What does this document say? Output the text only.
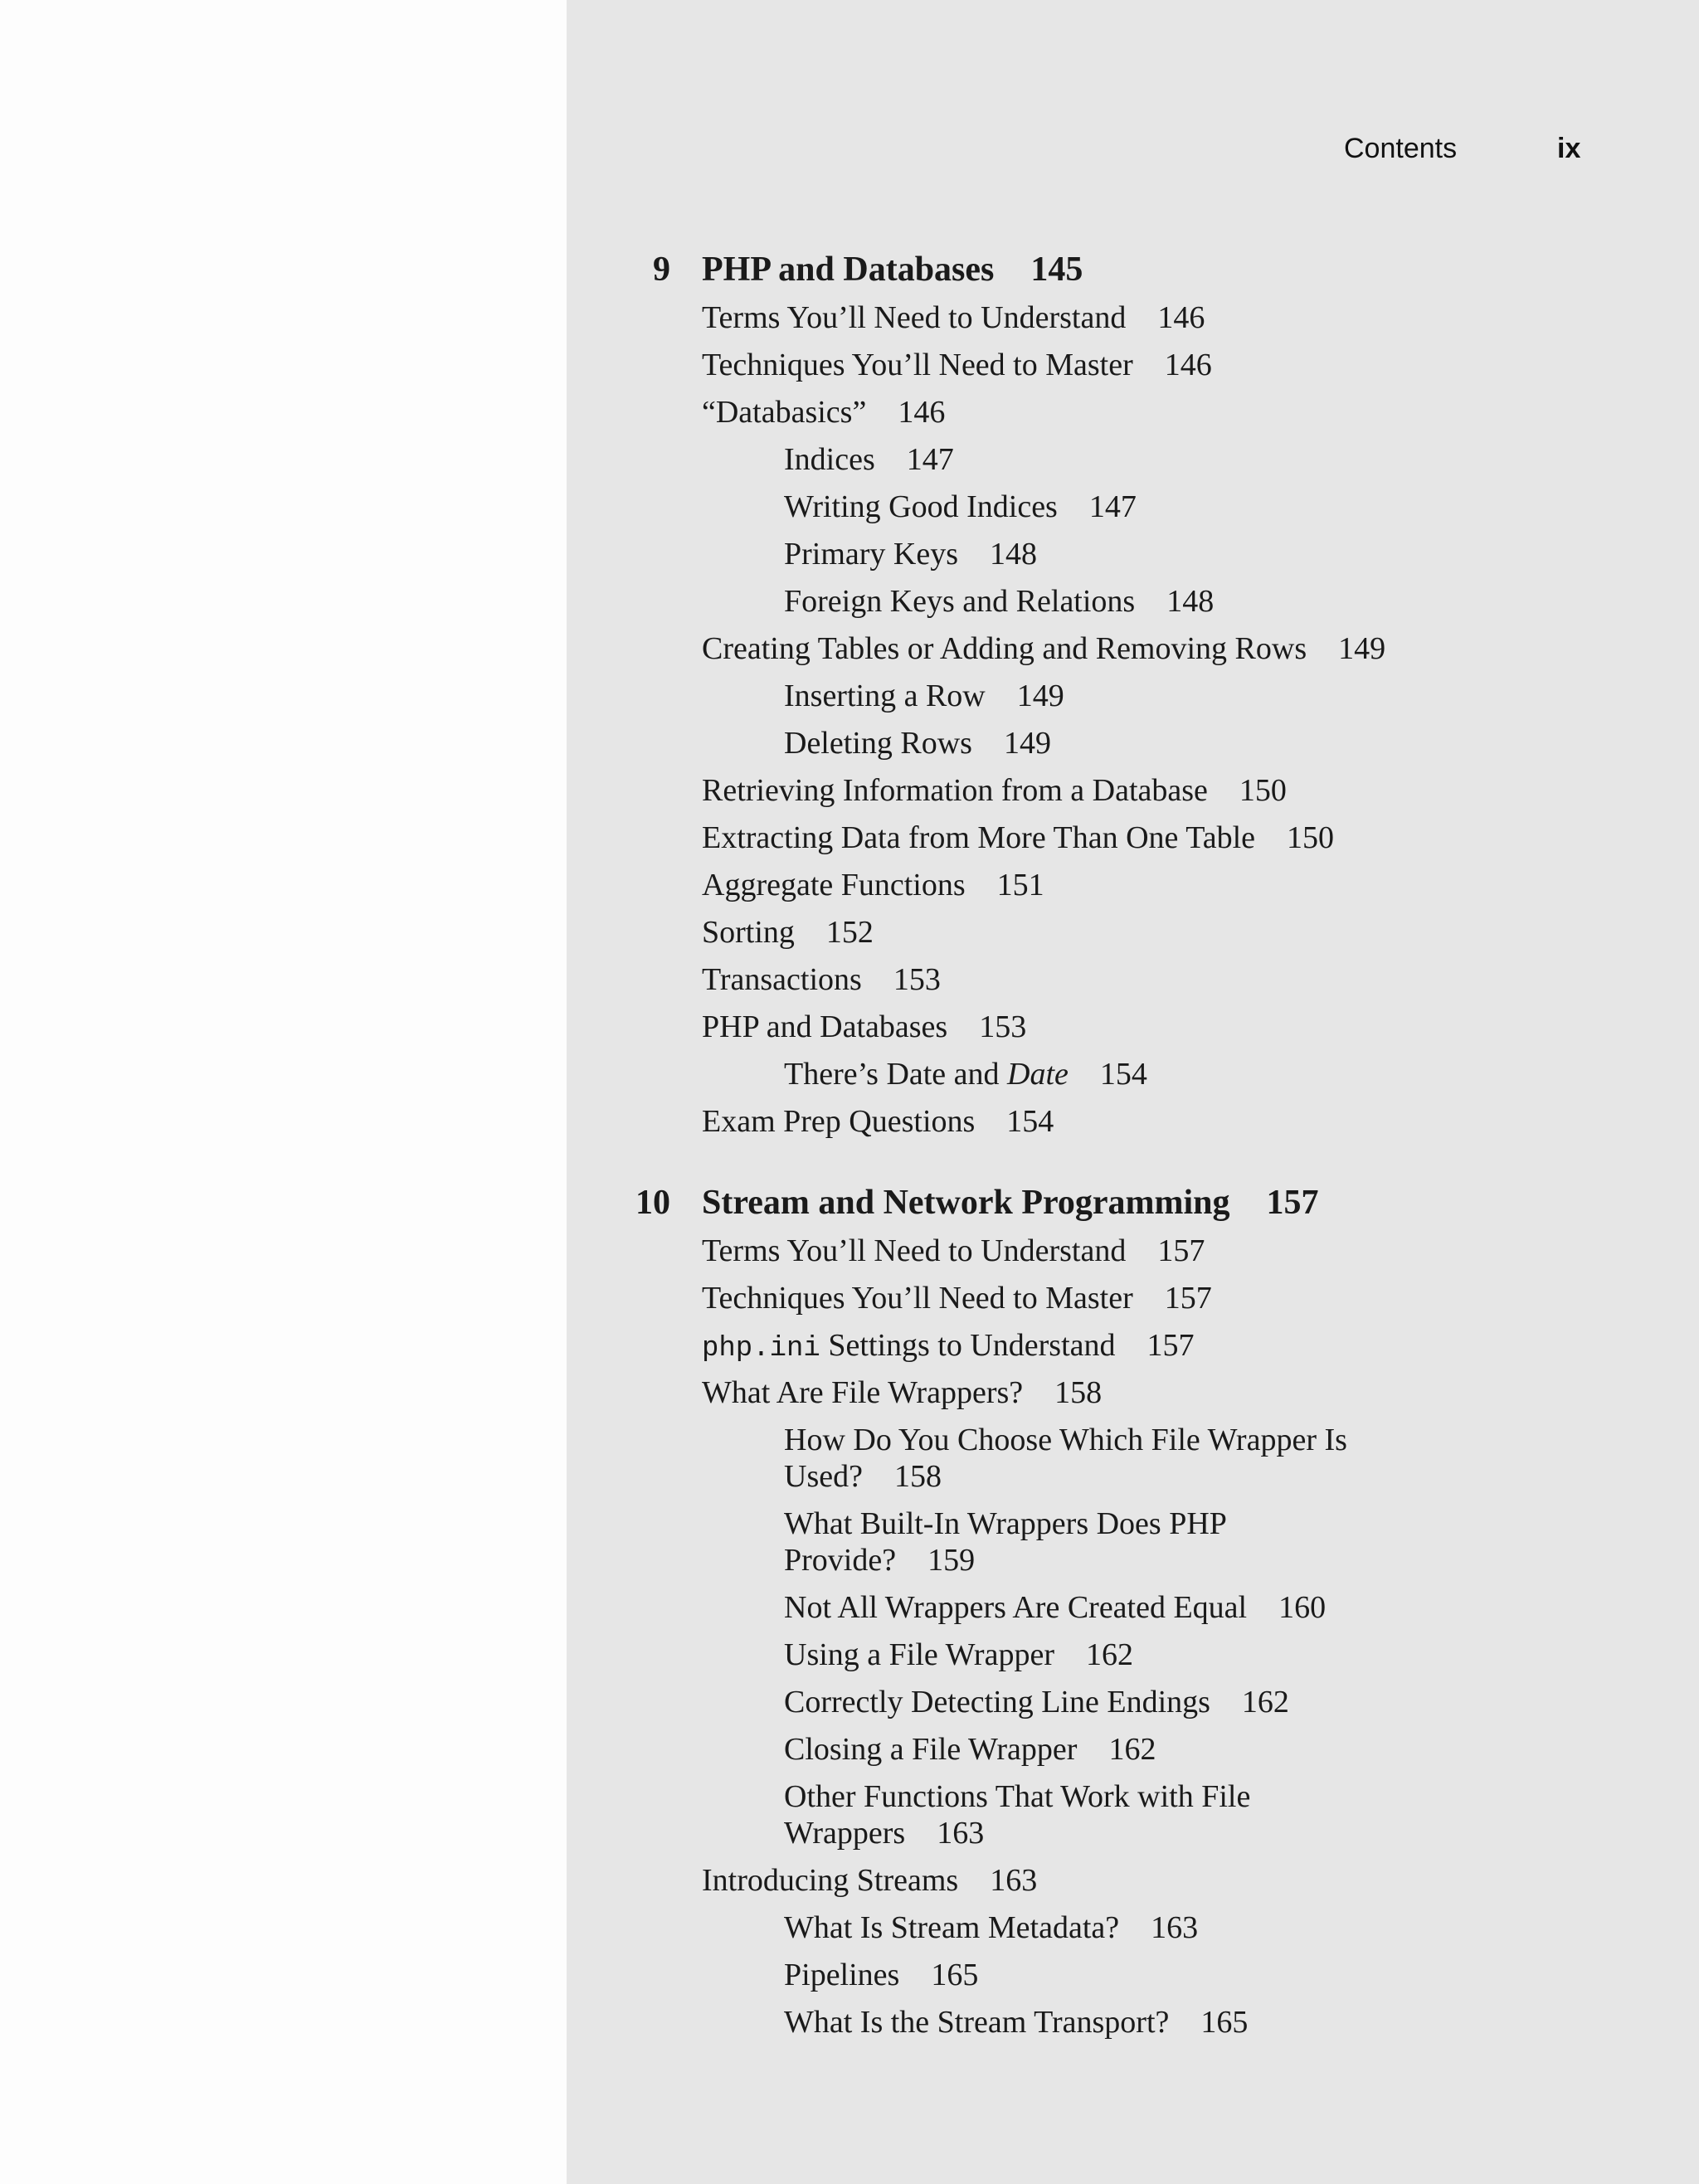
Contents	ix
9 PHP and Databases 145
Terms You’ll Need to Understand 146
Techniques You’ll Need to Master 146
“Databasics” 146
Indices 147
Writing Good Indices 147
Primary Keys 148
Foreign Keys and Relations 148
Creating Tables or Adding and Removing Rows 149
Inserting a Row 149
Deleting Rows 149
Retrieving Information from a Database 150
Extracting Data from More Than One Table 150
Aggregate Functions 151
Sorting 152
Transactions 153
PHP and Databases 153
There’s Date and Date 154
Exam Prep Questions 154
10 Stream and Network Programming 157
Terms You’ll Need to Understand 157
Techniques You’ll Need to Master 157
php.ini Settings to Understand 157
What Are File Wrappers? 158
How Do You Choose Which File Wrapper Is
Used? 158
What Built-In Wrappers Does PHP
Provide? 159
Not All Wrappers Are Created Equal 160
Using a File Wrapper 162
Correctly Detecting Line Endings 162
Closing a File Wrapper 162
Other Functions That Work with File
Wrappers 163
Introducing Streams 163
What Is Stream Metadata? 163
Pipelines 165
What Is the Stream Transport? 165
